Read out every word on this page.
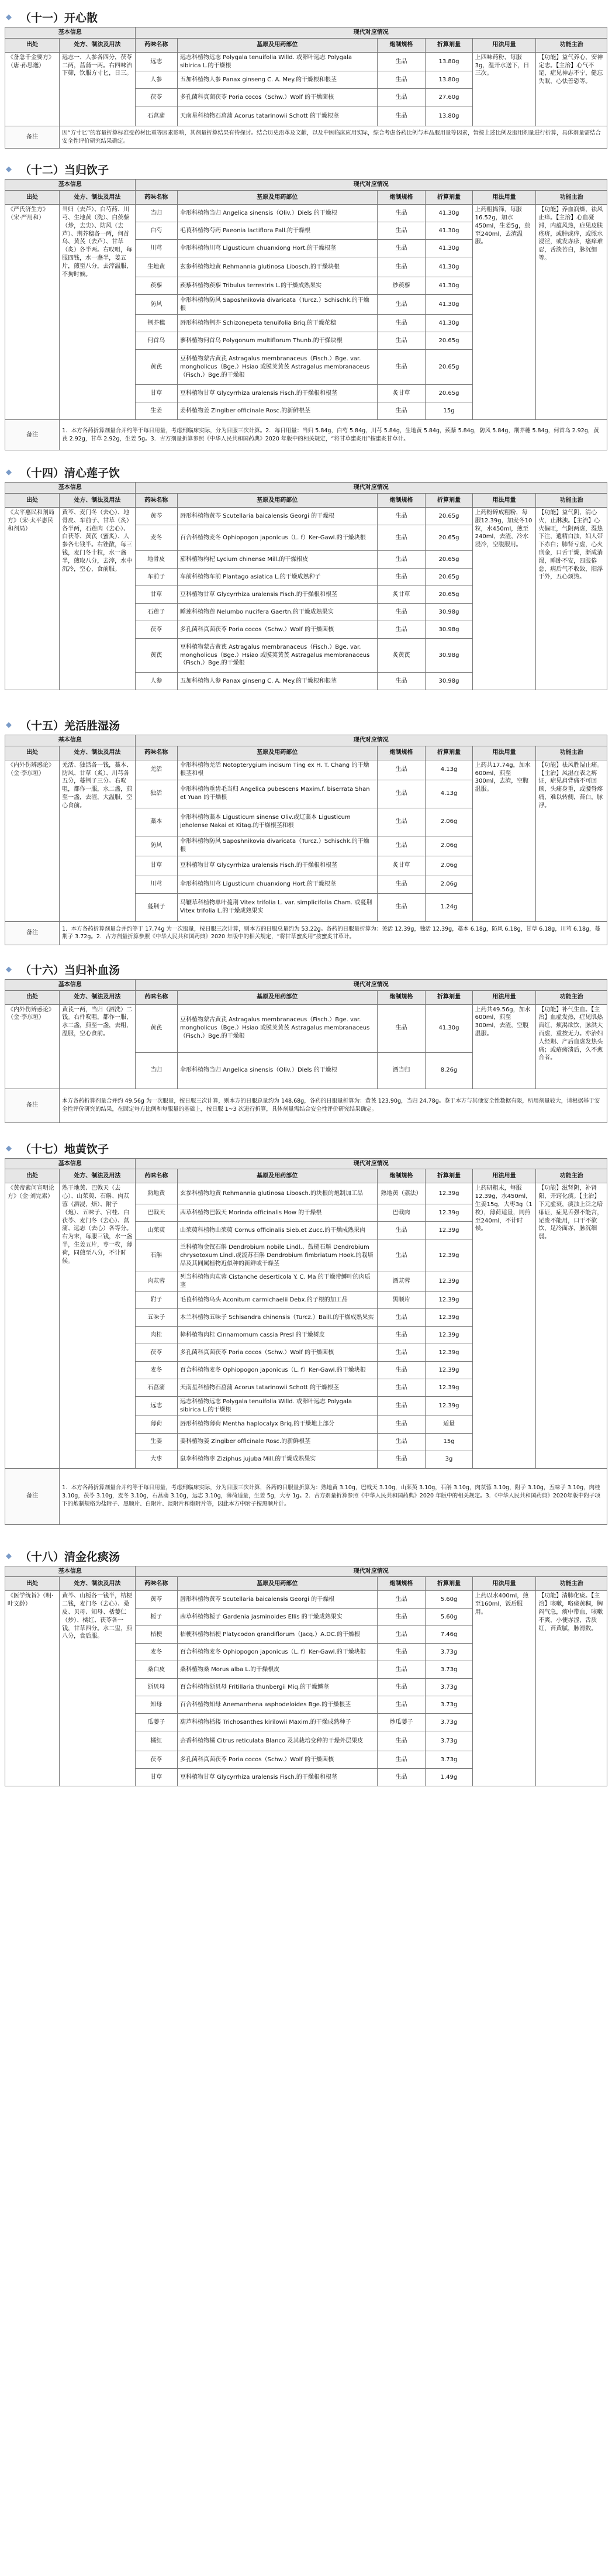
◆ （十一）开心散
基本信息		现代对应情况					
出处	处方、制法及用法	药味名称	基原及用药部位	炮制规格	折算剂量	用法用量	功能主治
《备急千金要方》（唐·孙思邈）	远志一、人参各四分，茯苓二两，菖蒲一两。右四味治下筛，饮服方寸匕，日三。	远志	远志科植物远志 Polygala tenuifolia Willd. 或卵叶远志 Polygala sibirica L.的干燥根	生品	13.80g	上四味药粉，每服3g，温开水送下，日三次。	【功能】益气养心，安神定志。【主治】心气不足，症见神志不宁，健忘失眠，心怯善恐等。
		人参	五加科植物人参 Panax ginseng C. A. Mey.的干燥根和根茎	生品	13.80g		
		茯苓	多孔菌科真菌茯苓 Poria cocos（Schw.）Wolf 的干燥菌核	生品	27.60g		
		石菖蒲	天南星科植物石菖蒲 Acorus tatarinowii Schott 的干燥根茎	生品	13.80g		
备注	因“方寸匕”的容量折算标准受药材比重等因素影响，其剂量折算结果有待探讨。结合历史沿革及文献，以及中医临床应用实际，综合考虑各药比例与本品服用量等因素，暂按上述比例及服用剂量进行折算，具体剂量需结合安全性评价研究结果确定。						
◆ （十二）当归饮子
基本信息		现代对应情况					
出处	处方、制法及用法	药味名称	基原及用药部位	炮制规格	折算剂量	用法用量	功能主治
《严氏济生方》（宋·严用和）	当归（去芦）、白芍药、川芎、生地黄（洗）、白蒺藜（炒，去尖）、防风（去芦）、荆芥穗各一两，何首乌、黄芪（去芦）、甘草（炙）各半两。右㕮咀，每服四钱，水一盏半，姜五片，煎至八分，去滓温服，不拘时候。	当归	伞形科植物当归 Angelica sinensis（Oliv.）Diels 的干燥根	生品	41.30g	上药粗捣筛，每服16.52g，加水450ml，生姜5g，煎至240ml，去渣温服。	【功能】养血润燥，祛风止痒。【主治】心血凝滞，内蕴风热，症见皮肤疮疥，或肿或痒，或脓水浸淫，或发赤疹，瘙痒难忍，舌淡苔白，脉沉细等。
		白芍	毛茛科植物芍药 Paeonia lactiflora Pall.的干燥根	生品	41.30g		
		川芎	伞形科植物川芎 Ligusticum chuanxiong Hort.的干燥根茎	生品	41.30g		
		生地黄	玄参科植物地黄 Rehmannia glutinosa Libosch.的干燥块根	生品	41.30g		
		蒺藜	蒺藜科植物蒺藜 Tribulus terrestris L.的干燥成熟果实	炒蒺藜	41.30g		
		防风	伞形科植物防风 Saposhnikovia divaricata（Turcz.）Schischk.的干燥根	生品	41.30g		
		荆芥穗	唇形科植物荆芥 Schizonepeta tenuifolia Briq.的干燥花穗	生品	41.30g		
		何首乌	蓼科植物何首乌 Polygonum multiflorum Thunb.的干燥块根	生品	20.65g		
		黄芪	豆科植物蒙古黄芪 Astragalus membranaceus（Fisch.）Bge. var. mongholicus（Bge.）Hsiao 或膜荚黄芪 Astragalus membranaceus（Fisch.）Bge.的干燥根	生品	20.65g		
		甘草	豆科植物甘草 Glycyrrhiza uralensis Fisch.的干燥根和根茎	炙甘草	20.65g		
		生姜	姜科植物姜 Zingiber officinale Rosc.的新鲜根茎	生品	15g		
备注	1．本方各药折算剂量合并约等于每日用量，考虑到临床实际，分为日服三次计算。2．每日用量：当归 5.84g，白芍 5.84g，川芎 5.84g，生地黄 5.84g，蒺藜 5.84g，防风 5.84g，荆芥穗 5.84g，何首乌 2.92g，黄芪 2.92g，甘草 2.92g，生姜 5g。3．古方剂量折算参照《中华人民共和国药典》2020 年版中的相关规定，“将甘草蜜炙用”按蜜炙甘草计。						
◆ （十四）清心莲子饮
基本信息		现代对应情况					
出处	处方、制法及用法	药味名称	基原及用药部位	炮制规格	折算剂量	用法用量	功能主治
《太平惠民和剂局方》（宋·太平惠民和剂局）	黄芩、麦门冬（去心）、地骨皮、车前子、甘草（炙）各半两，石莲肉（去心）、白茯苓、黄芪（蜜炙）、人参各七钱半。右锉散，每三钱，麦门冬十粒，水一盏半，煎取八分，去滓，水中沉冷，空心，食前服。	黄芩	唇形科植物黄芩 Scutellaria baicalensis Georgi 的干燥根	生品	20.65g	上药粉碎成粗粉，每服12.39g，加麦冬10粒，水450ml，煎至240ml，去渣，冷水浸冷，空腹服用。	【功能】益气阴，清心火，止淋浊。【主治】心火偏旺，气阴两虚，湿热下注，遗精白浊，妇人带下赤白；肺肾亏虚，心火刑金，口舌干燥，渐成消渴，睡卧不安，四肢倦怠，病后气不收敛，阳浮于外，五心烦热。
		麦冬	百合科植物麦冬 Ophiopogon japonicus（L. f）Ker-Gawl.的干燥块根	生品	20.65g		
		地骨皮	茄科植物枸杞 Lycium chinense Mill.的干燥根皮	生品	20.65g		
		车前子	车前科植物车前 Plantago asiatica L.的干燥成熟种子	生品	20.65g		
		甘草	豆科植物甘草 Glycyrrhiza uralensis Fisch.的干燥根和根茎	炙甘草	20.65g		
		石莲子	睡莲科植物莲 Nelumbo nucifera Gaertn.的干燥成熟果实	生品	30.98g		
		茯苓	多孔菌科真菌茯苓 Poria cocos（Schw.）Wolf 的干燥菌核	生品	30.98g		
		黄芪	豆科植物蒙古黄芪 Astragalus membranaceus（Fisch.）Bge. var. mongholicus（Bge.）Hsiao 或膜荚黄芪 Astragalus membranaceus（Fisch.）Bge.的干燥根	炙黄芪	30.98g		
		人参	五加科植物人参 Panax ginseng C. A. Mey.的干燥根和根茎	生品	30.98g		
◆ （十五）羌活胜湿汤
基本信息		现代对应情况					
出处	处方、制法及用法	药味名称	基原及用药部位	炮制规格	折算剂量	用法用量	功能主治
《内外伤辨惑论》（金·李东垣）	羌活、独活各一钱，藁本、防风、甘草（炙）、川芎各五分，蔓荆子三分。右㕮咀，都作一服，水二盏，煎至一盏，去渣，大温服，空心食前。	羌活	伞形科植物羌活 Notopterygium incisum Ting ex H. T. Chang 的干燥根茎和根	生品	4.13g	上药共17.74g，加水600ml，煎至300ml，去渣，空腹温服。	【功能】祛风胜湿止痛。【主治】风湿在表之痹证，症见肩背痛不可回顾，头痛身重，或腰脊疼痛，难以转侧，苔白，脉浮。
		独活	伞形科植物重齿毛当归 Angelica pubescens Maxim.f. biserrata Shan et Yuan 的干燥根	生品	4.13g		
		藁本	伞形科植物藁本 Ligusticum sinense Oliv.或辽藁本 Ligusticum jeholense Nakai et Kitag.的干燥根茎和根	生品	2.06g		
		防风	伞形科植物防风 Saposhnikovia divaricata（Turcz.）Schischk.的干燥根	生品	2.06g		
		甘草	豆科植物甘草 Glycyrrhiza uralensis Fisch.的干燥根和根茎	炙甘草	2.06g		
		川芎	伞形科植物川芎 Ligusticum chuanxiong Hort.的干燥根茎	生品	2.06g		
		蔓荆子	马鞭草科植物单叶蔓荆 Vitex trifolia L. var. simplicifolia Cham. 或蔓荆 Vitex trifolia L.的干燥成熟果实	生品	1.24g		
备注	1．本方各药折算剂量合并约等于 17.74g 为一次服量，按日服三次计算，则本方的日服总量约为 53.22g。各药的日服量折算为：羌活 12.39g，独活 12.39g，藁本 6.18g，防风 6.18g，甘草 6.18g，川芎 6.18g，蔓荆子 3.72g。2．古方剂量折算参照《中华人民共和国药典》2020 年版中的相关规定，“将甘草蜜炙用”按蜜炙甘草计。						
◆ （十六）当归补血汤
基本信息		现代对应情况					
出处	处方、制法及用法	药味名称	基原及用药部位	炮制规格	折算剂量	用法用量	功能主治
《内外伤辨惑论》（金·李东垣）	黄芪一两，当归（酒洗）二钱。右件㕮咀，都作一服，水二盏，煎至一盏，去粗，温服，空心食前。	黄芪	豆科植物蒙古黄芪 Astragalus membranaceus（Fisch.）Bge. var. mongholicus（Bge.）Hsiao 或膜荚黄芪 Astragalus membranaceus（Fisch.）Bge.的干燥根	生品	41.30g	上药共49.56g，加水600ml，煎至300ml，去渣，空腹温服。	【功能】补气生血。【主治】血虚发热，症见肌热面红，烦渴欲饮，脉洪大而虚，重按无力。亦治妇人经期、产后血虚发热头痛；或疮疡溃后，久不愈合者。
		当归	伞形科植物当归 Angelica sinensis（Oliv.）Diels 的干燥根	酒当归	8.26g		
备注	本方各药折算剂量合并约 49.56g 为一次服量，按日服三次计算，则本方的日服总量约为 148.68g，各药的日服量折算为：黄芪 123.90g，当归 24.78g。鉴于本方与其他安全性数据有限，所用剂量较大，请根据基于安全性评价研究的结果，在固定每方比例和每服量的基础上，按日服 1~3 次进行折算，具体剂量需结合安全性评价研究结果确定。						
◆ （十七）地黄饮子
基本信息		现代对应情况					
出处	处方、制法及用法	药味名称	基原及用药部位	炮制规格	折算剂量	用法用量	功能主治
《黄帝素问宣明论方》（金·刘完素）	熟干地黄、巴戟天（去心）、山茱萸、石斛、肉苁蓉（酒浸，焙）、附子（炮）、五味子、官桂、白茯苓、麦门冬（去心）、菖蒲、远志（去心）各等分。右为末，每服三钱，水一盏半，生姜五片，枣一枚，薄荷，同煎至八分，不计时候。	熟地黄	玄参科植物地黄 Rehmannia glutinosa Libosch.的块根的炮制加工品	熟地黄（蒸法）	12.39g	上药研粗末，每服12.39g，水450ml，生姜15g，大枣3g（1枚），薄荷适量，同煎至240ml，不计时候。	【功能】滋肾阴，补肾阳，开窍化痰。【主治】下元虚衰，痰浊上泛之喑痱证，症见舌强不能言，足废不能用，口干不欲饮，足冷面赤，脉沉细弱。
		巴戟天	茜草科植物巴戟天 Morinda officinalis How 的干燥根	巴戟肉	12.39g		
		山茱萸	山茱萸科植物山茱萸 Cornus officinalis Sieb.et Zucc.的干燥成熟果肉	生品	12.39g		
		石斛	兰科植物金钗石斛 Dendrobium nobile Lindl.、鼓槌石斛 Dendrobium chrysotoxum Lindl.或流苏石斛 Dendrobium fimbriatum Hook.的栽培品及其同属植物近似种的新鲜或干燥茎	生品	12.39g		
		肉苁蓉	列当科植物肉苁蓉 Cistanche deserticola Y. C. Ma 的干燥带鳞叶的肉质茎	酒苁蓉	12.39g		
		附子	毛茛科植物乌头 Aconitum carmichaelii Debx.的子根的加工品	黑顺片	12.39g		
		五味子	木兰科植物五味子 Schisandra chinensis（Turcz.）Baill.的干燥成熟果实	生品	12.39g		
		肉桂	樟科植物肉桂 Cinnamomum cassia Presl 的干燥树皮	生品	12.39g		
		茯苓	多孔菌科真菌茯苓 Poria cocos（Schw.）Wolf 的干燥菌核	生品	12.39g		
		麦冬	百合科植物麦冬 Ophiopogon japonicus（L. f）Ker-Gawl.的干燥块根	生品	12.39g		
		石菖蒲	天南星科植物石菖蒲 Acorus tatarinowii Schott 的干燥根茎	生品	12.39g		
		远志	远志科植物远志 Polygala tenuifolia Willd. 或卵叶远志 Polygala sibirica L.的干燥根	生品	12.39g		
		薄荷	唇形科植物薄荷 Mentha haplocalyx Briq.的干燥地上部分	生品	适量		
		生姜	姜科植物姜 Zingiber officinale Rosc.的新鲜根茎	生品	15g		
		大枣	鼠李科植物枣 Ziziphus jujuba Mill.的干燥成熟果实	生品	3g		
备注	1．本方各药折算剂量合并约等于每日用量，考虑到临床实际，分为日服三次计算，各药的日服量折算为：熟地黄 3.10g，巴戟天 3.10g，山茱萸 3.10g，石斛 3.10g，肉苁蓉 3.10g，附子 3.10g，五味子 3.10g，肉桂 3.10g，茯苓 3.10g，麦冬 3.10g，石菖蒲 3.10g，远志 3.10g，薄荷适量，生姜 5g，大枣 1g。2．古方剂量折算参照《中华人民共和国药典》2020 年版中的相关规定。3．《中华人民共和国药典》2020年版中附子项下的炮制规格为盐附子、黑顺片、白附片、淡附片和炮附片等，因此本方中附子按黑顺片计。						
◆ （十八）清金化痰汤
基本信息		现代对应情况					
出处	处方、制法及用法	药味名称	基原及用药部位	炮制规格	折算剂量	用法用量	功能主治
《医学统旨》（明·叶文龄）	黄芩、山栀各一钱半，桔梗二钱，麦门冬（去心）、桑皮、贝母、知母、栝蒌仁（炒）、橘红、茯苓各一钱，甘草四分。水二盅，煎八分，食后服。	黄芩	唇形科植物黄芩 Scutellaria baicalensis Georgi 的干燥根	生品	5.60g	上药以水400ml，煎至160ml，饭后服用。	【功能】清肺化痰。【主治】咳嗽，咯痰黄稠，胸闷气急，痰中带血，咳嗽不爽，小便赤涩，舌质红，苔黄腻，脉滑数。
		栀子	茜草科植物栀子 Gardenia jasminoides Ellis 的干燥成熟果实	生品	5.60g		
		桔梗	桔梗科植物桔梗 Platycodon grandiflorum（Jacq.）A.DC.的干燥根	生品	7.46g		
		麦冬	百合科植物麦冬 Ophiopogon japonicus（L. f）Ker-Gawl.的干燥块根	生品	3.73g		
		桑白皮	桑科植物桑 Morus alba L.的干燥根皮	生品	3.73g		
		浙贝母	百合科植物浙贝母 Fritillaria thunbergii Miq.的干燥鳞茎	生品	3.73g		
		知母	百合科植物知母 Anemarrhena asphodeloides Bge.的干燥根茎	生品	3.73g		
		瓜蒌子	葫芦科植物栝楼 Trichosanthes kirilowii Maxim.的干燥成熟种子	炒瓜蒌子	3.73g		
		橘红	芸香科植物橘 Citrus reticulata Blanco 及其栽培变种的干燥外层果皮	生品	3.73g		
		茯苓	多孔菌科真菌茯苓 Poria cocos（Schw.）Wolf 的干燥菌核	生品	3.73g		
		甘草	豆科植物甘草 Glycyrrhiza uralensis Fisch.的干燥根和根茎	生品	1.49g		
